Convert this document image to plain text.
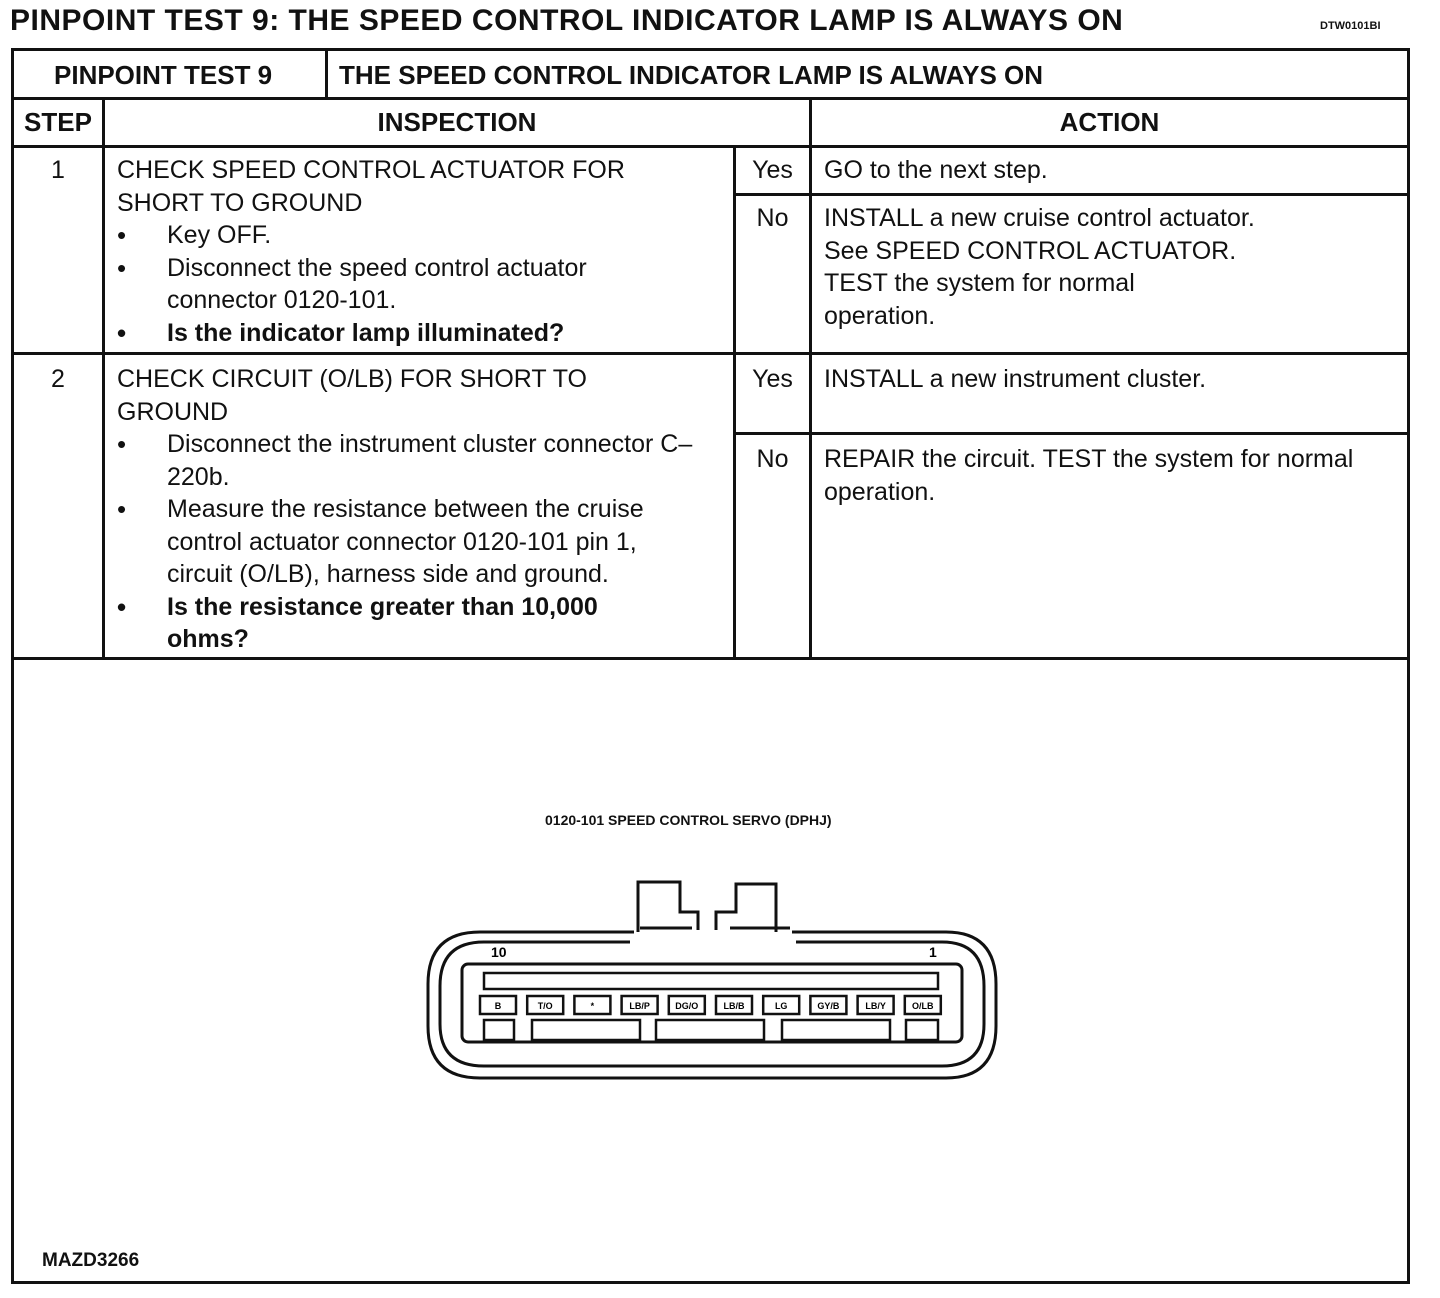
PINPOINT TEST 9: THE SPEED CONTROL INDICATOR LAMP IS ALWAYS ON	DTW0101BI
PINPOINT TEST 9	THE SPEED CONTROL INDICATOR LAMP IS ALWAYS ON
STEP	INSPECTION	ACTION
1	CHECK SPEED CONTROL ACTUATOR FOR SHORT TO GROUND
• Key OFF.
• Disconnect the speed control actuator connector 0120-101.
• Is the indicator lamp illuminated?
Yes	GO to the next step.
No	INSTALL a new cruise control actuator.
See SPEED CONTROL ACTUATOR.
TEST the system for normal
operation.
2	CHECK CIRCUIT (O/LB) FOR SHORT TO GROUND
• Disconnect the instrument cluster connector C–220b.
• Measure the resistance between the cruise control actuator connector 0120-101 pin 1, circuit (O/LB), harness side and ground.
• Is the resistance greater than 10,000 ohms?
Yes	INSTALL a new instrument cluster.
No	REPAIR the circuit. TEST the system for normal operation.
0120-101 SPEED CONTROL SERVO (DPHJ)
10	1
B	T/O	*	LB/P	DG/O	LB/B	LG	GY/B	LB/Y	O/LB
MAZD3266
